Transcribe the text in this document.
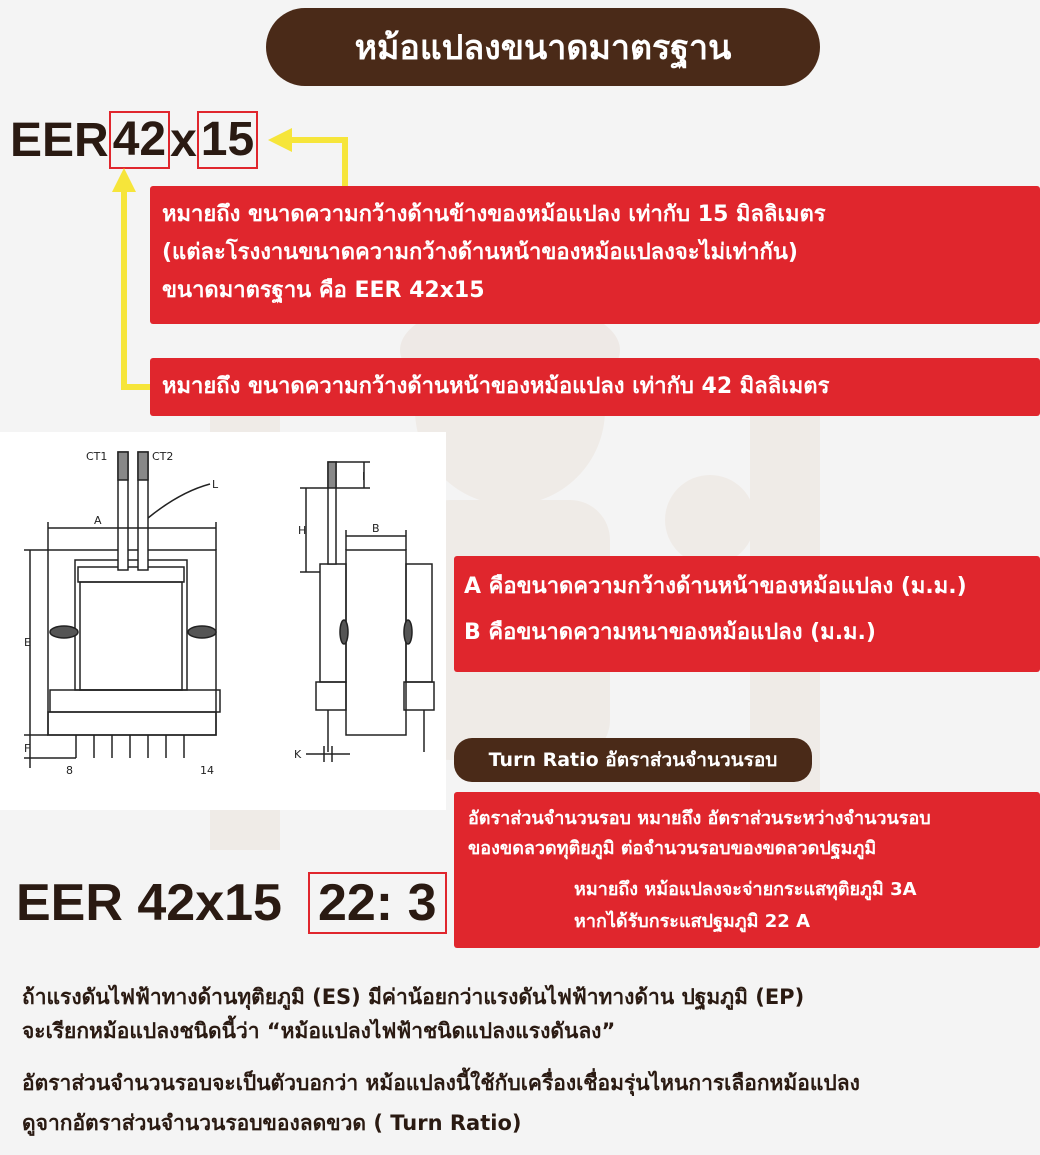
หม้อแปลงขนาดมาตรฐาน
EER 42 x 15

หมายถึง ขนาดความกว้างด้านข้างของหม้อแปลง เท่ากับ 15 มิลลิเมตร

(แต่ละโรงงานขนาดความกว้างด้านหน้าของหม้อแปลงจะไม่เท่ากัน)

ขนาดมาตรฐาน คือ EER 42x15

หมายถึง ขนาดความกว้างด้านหน้าของหม้อแปลง เท่ากับ 42 มิลลิเมตร

CT1	CT2
L
A
E
F
8	14
H
I
B
K

A คือขนาดความกว้างด้านหน้าของหม้อแปลง (ม.ม.)

B คือขนาดความหนาของหม้อแปลง (ม.ม.)

Turn Ratio อัตราส่วนจำนวนรอบ
อัตราส่วนจำนวนรอบ หมายถึง อัตราส่วนระหว่างจำนวนรอบ
ของขดลวดทุติยภูมิ ต่อจำนวนรอบของขดลวดปฐมภูมิ
หมายถึง หม้อแปลงจะจ่ายกระแสทุติยภูมิ 3A
หากได้รับกระแสปฐมภูมิ 22 A
EER 42x15 22: 3
ถ้าแรงดันไฟฟ้าทางด้านทุติยภูมิ (ES) มีค่าน้อยกว่าแรงดันไฟฟ้าทางด้าน ปฐมภูมิ (EP)
จะเรียกหม้อแปลงชนิดนี้ว่า “หม้อแปลงไฟฟ้าชนิดแปลงแรงดันลง”
อัตราส่วนจำนวนรอบจะเป็นตัวบอกว่า หม้อแปลงนี้ใช้กับเครื่องเชื่อมรุ่นไหนการเลือกหม้อแปลง
ดูจากอัตราส่วนจำนวนรอบของลดขวด ( Turn Ratio)
